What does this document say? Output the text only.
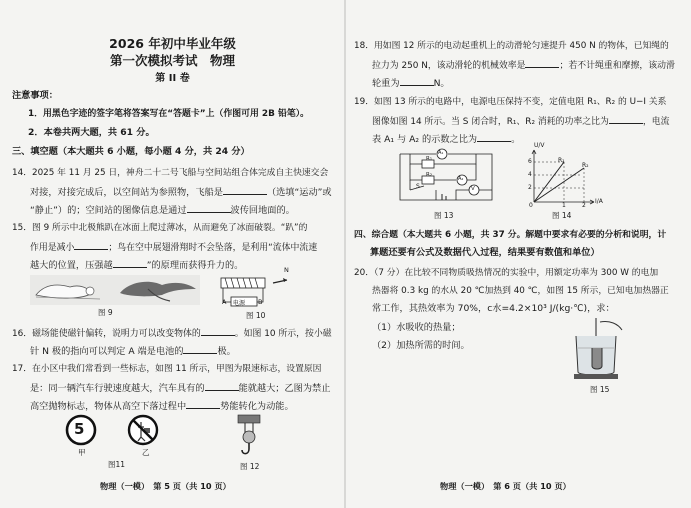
2026 年初中毕业年级
第一次模拟考试　物理
第 II 卷
注意事项：
1．用黑色字迹的签字笔将答案写在“答题卡”上（作图可用 2B 铅笔）。
2．本卷共两大题，共 61 分。
三、填空题（本大题共 6 小题，每小题 4 分，共 24 分）
14．2025 年 11 月 25 日，神舟二十二号飞船与空间站组合体完成自主快速交会
对接，对接完成后，以空间站为参照物，飞船是	（选填“运动”或
“静止”）的；空间站的图像信息是通过	波传回地面的。
15．图 9 所示中北极熊趴在冰面上爬过薄冰，从而避免了冰面破裂。“趴”的
作用是减小	；鸟在空中展翅滑翔时不会坠落，是利用“流体中流速
越大的位置，压强越	”的原理而获得升力的。
图 9
N
A 电源 B
图 10
16．磁场能使磁针偏转，说明力可以改变物体的	。如图 10 所示，按小磁
针 N 极的指向可以判定 A 端是电池的	极。
17．在小区中我们常看到一些标志，如图 11 所示，甲图为限速标志，设置原因
是：同一辆汽车行驶速度越大，汽车具有的	能就越大；乙图为禁止
高空抛物标志，物体从高空下落过程中	势能转化为动能。
5
甲	乙
图11	图 12
物理（一模）　第 5 页（共 10 页）
18．用如图 12 所示的电动起重机上的动滑轮匀速提升 450 N 的物体，已知绳的
拉力为 250 N，该动滑轮的机械效率是	；若不计绳重和摩擦，该动滑
轮重为	N。
19．如图 13 所示的电路中，电源电压保持不变，定值电阻 R₁、R₂ 的 U−I 关系
图像如图 14 所示。当 S 闭合时，R₁、R₂ 消耗的功率之比为	，电流
表 A₁ 与 A₂ 的示数之比为	。
A₁
R₁
R₂
A₂
S	V
图 13
U/V
I/A
R₁
R₂
6
4
2
0	1	2
图 14
四、综合题（本大题共 6 小题，共 37 分。解题中要求有必要的分析和说明，计
算题还要有公式及数据代入过程，结果要有数值和单位）
20．（7 分）在比较不同物质吸热情况的实验中，用额定功率为 300 W 的电加
热器将 0.3 kg 的水从 20 ℃加热到 40 ℃，如图 15 所示，已知电加热器正
常工作，其热效率为 70%，c水=4.2×10³ J/(kg·℃)，求：
（1）水吸收的热量；
（2）加热所需的时间。
图 15
物理（一模）　第 6 页（共 10 页）
